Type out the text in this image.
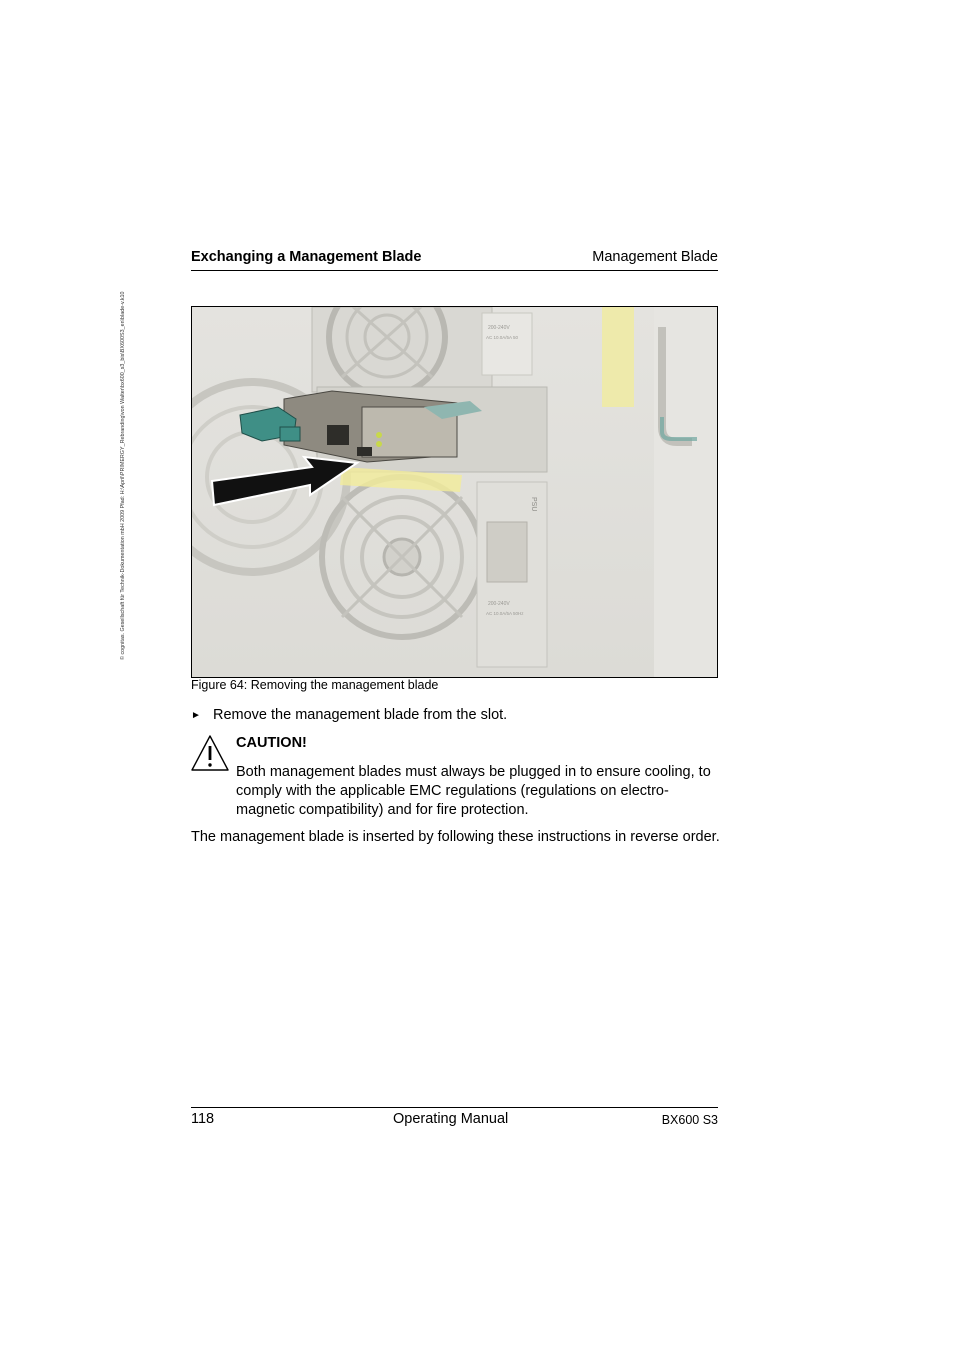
© cognitas. Gesellschaft für Technik-Dokumentation mbH 2009 Pfad: H:\April\PRIMERGY_Rebranding\von Walter\bx600_s3_bis\BX600S3_en\blade-v.k10
Exchanging a Management Blade	Management Blade
200-240V
AC 10.0A/5A 50
200-240V
AC 10.0A/5A 50Hz
PSU
Figure 64: Removing the management blade
► Remove the management blade from the slot.
CAUTION!
Both management blades must always be plugged in to ensure cooling, to comply with the applicable EMC regulations (regulations on electro-magnetic compatibility) and for fire protection.
The management blade is inserted by following these instructions in reverse order.
118	Operating Manual	BX600 S3
